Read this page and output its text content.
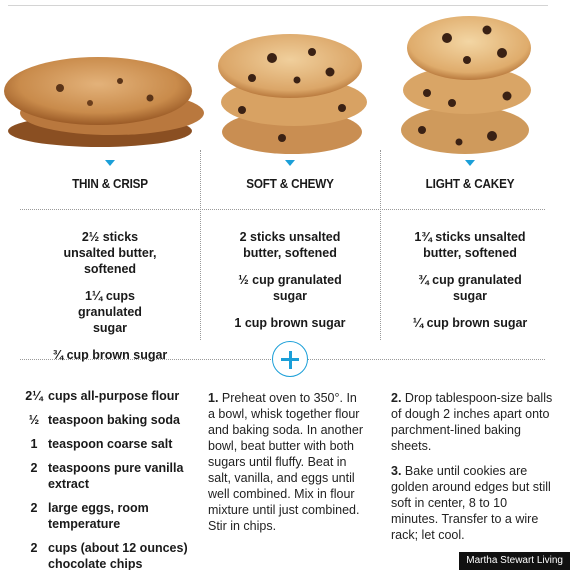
THIN & CRISP	SOFT & CHEWY	LIGHT & CAKEY
2½ sticks unsalted butter, softened
1¼ cups granulated sugar
¾ cup brown sugar
2 sticks unsalted butter, softened
½ cup granulated sugar
1 cup brown sugar
1¾ sticks unsalted butter, softened
¾ cup granulated sugar
¼ cup brown sugar
2¼ cups all-purpose flour
½ teaspoon baking soda
1 teaspoon coarse salt
2 teaspoons pure vanilla extract
2 large eggs, room temperature
2 cups (about 12 ounces) chocolate chips
1. Preheat oven to 350°. In a bowl, whisk together flour and baking soda. In another bowl, beat butter with both sugars until fluffy. Beat in salt, vanilla, and eggs until well combined. Mix in flour mixture until just combined. Stir in chips.
2. Drop tablespoon-size balls of dough 2 inches apart onto parchment-lined baking sheets.
3. Bake until cookies are golden around edges but still soft in center, 8 to 10 minutes. Transfer to a wire rack; let cool.
Martha Stewart Living
